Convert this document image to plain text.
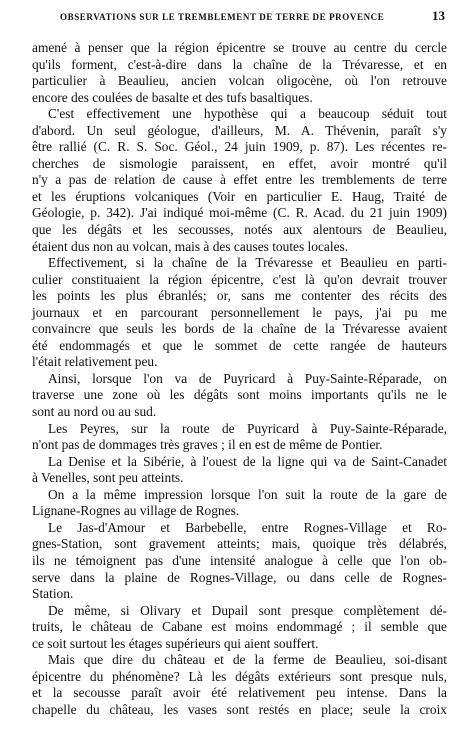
OBSERVATIONS SUR LE TREMBLEMENT DE TERRE DE PROVENCE	13
amené à penser que la région épicentre se trouve au centre du cercle
qu'ils forment, c'est-à-dire dans la chaîne de la Trévaresse, et en
particulier à Beaulieu, ancien volcan oligocène, où l'on retrouve
encore des coulées de basalte et des tufs basaltiques.
C'est effectivement une hypothèse qui a beaucoup séduit tout
d'abord. Un seul géologue, d'ailleurs, M. A. Thévenin, paraît s'y
être rallié (C. R. S. Soc. Géol., 24 juin 1909, p. 87). Les récentes re-
cherches de sismologie paraissent, en effet, avoir montré qu'il
n'y a pas de relation de cause à effet entre les tremblements de terre
et les éruptions volcaniques (Voir en particulier E. Haug, Traité de
Géologie, p. 342). J'ai indiqué moi-même (C. R. Acad. du 21 juin 1909)
que les dégâts et les secousses, notés aux alentours de Beaulieu,
étaient dus non au volcan, mais à des causes toutes locales.
Effectivement, si la chaîne de la Trévaresse et Beaulieu en parti-
culier constituaient la région épicentre, c'est là qu'on devrait trouver
les points les plus ébranlés; or, sans me contenter des récits des
journaux et en parcourant personnellement le pays, j'ai pu me
convaincre que seuls les bords de la chaîne de la Trévaresse avaient
été endommagés et que le sommet de cette rangée de hauteurs
l'était relativement peu.
Ainsi, lorsque l'on va de Puyricard à Puy-Sainte-Réparade, on
traverse une zone où les dégâts sont moins importants qu'ils ne le
sont au nord ou au sud.
Les Peyres, sur la route de Puyricard à Puy-Sainte-Réparade,
n'ont pas de dommages très graves ; il en est de même de Pontier.
La Denise et la Sibérie, à l'ouest de la ligne qui va de Saint-Canadet
à Venelles, sont peu atteints.
On a la même impression lorsque l'on suit la route de la gare de
Lignane-Rognes au village de Rognes.
Le Jas-d'Amour et Barbebelle, entre Rognes-Village et Ro-
gnes-Station, sont gravement atteints; mais, quoique très délabrés,
ils ne témoignent pas d'une intensité analogue à celle que l'on ob-
serve dans la plaine de Rognes-Village, ou dans celle de Rognes-
Station.
De même, si Olivary et Dupail sont presque complètement dé-
truits, le château de Cabane est moins endommagé ; il semble que
ce soit surtout les étages supérieurs qui aient souffert.
Mais que dire du château et de la ferme de Beaulieu, soi-disant
épicentre du phénomène? Là les dégâts extérieurs sont presque nuls,
et la secousse paraît avoir été relativement peu intense. Dans la
chapelle du château, les vases sont restés en place; seule la croix
